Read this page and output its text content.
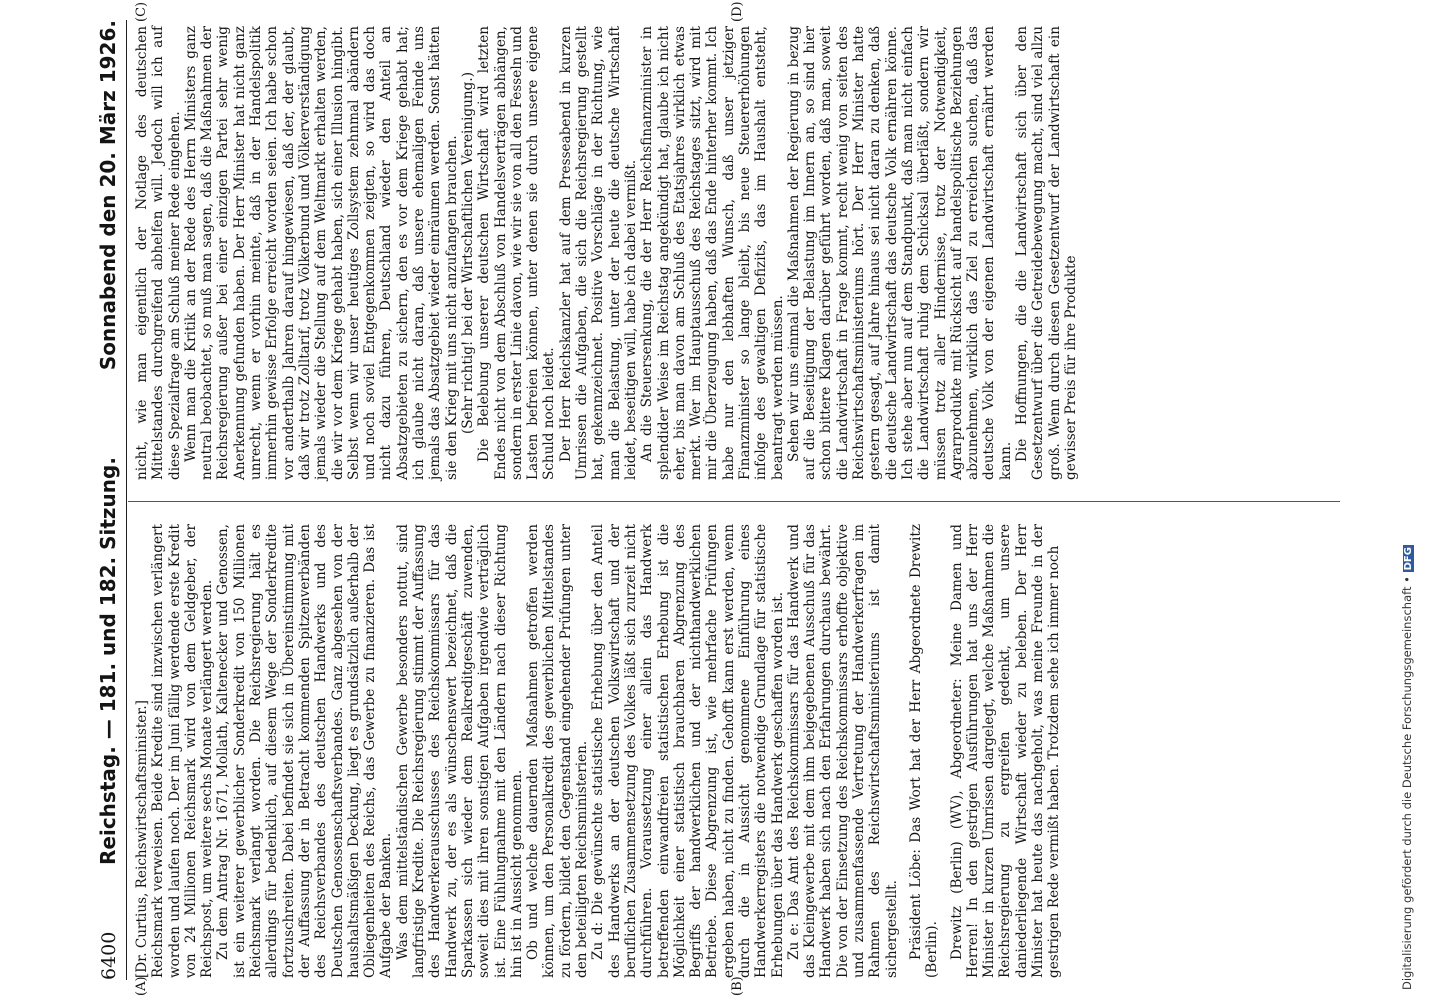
6400
Reichstag. — 181. und 182. Sitzung.
Sonnabend den 20. März 1926.
(A)	(B)
(C)	(D)

[Dr. Curtius, Reichswirtschaftsminister.] Reichsmark verweisen. Beide Kredite sind inzwischen verlängert worden und laufen noch. Der im Juni fällig werdende erste Kredit von 24 Millionen Reichsmark wird von dem Geldgeber, der Reichspost, um weitere sechs Monate verlängert werden. Zu dem Antrag Nr. 1671, Mollath, Kaltenecker und Genossen, ist ein weiterer gewerblicher Sonderkredit von 150 Millionen Reichsmark verlangt worden. Die Reichsregierung hält es allerdings für bedenklich, auf diesem Wege der Sonderkredite fortzuschreiten. Dabei befindet sie sich in Übereinstimmung mit der Auffassung der in Betracht kommenden Spitzenverbänden des Reichsverbandes des deutschen Handwerks und des Deutschen Genossenschaftsverbandes. Ganz abgesehen von der haushaltsmäßigen Deckung, liegt es grundsätzlich außerhalb der Obliegenheiten des Reichs, das Gewerbe zu finanzieren. Das ist Aufgabe der Banken. Was dem mittelständischen Gewerbe besonders nottut, sind langfristige Kredite. Die Reichsregierung stimmt der Auffassung des Handwerkerausschusses des Reichskommissars für das Handwerk zu, der es als wünschenswert bezeichnet, daß die Sparkassen sich wieder dem Realkreditgeschäft zuwenden, soweit dies mit ihren sonstigen Aufgaben irgendwie verträglich ist. Eine Fühlungnahme mit den Ländern nach dieser Richtung hin ist in Aussicht genommen. Ob und welche dauernden Maßnahmen getroffen werden können, um den Personalkredit des gewerblichen Mittelstandes zu fördern, bildet den Gegenstand eingehender Prüfungen unter den beteiligten Reichsministerien. Zu d: Die gewünschte statistische Erhebung über den Anteil des Handwerks an der deutschen Volkswirtschaft und der beruflichen Zusammensetzung des Volkes läßt sich zurzeit nicht durchführen. Voraussetzung einer allein das Handwerk betreffenden einwandfreien statistischen Erhebung ist die Möglichkeit einer statistisch brauchbaren Abgrenzung des Begriffs der handwerklichen und der nichthandwerklichen Betriebe. Diese Abgrenzung ist, wie mehrfache Prüfungen ergeben haben, nicht zu finden. Gehofft kann erst werden, wenn durch die in Aussicht genommene Einführung eines Handwerkerregisters die notwendige Grundlage für statistische Erhebungen über das Handwerk geschaffen worden ist. Zu e: Das Amt des Reichskommissars für das Handwerk und das Kleingewerbe mit dem ihm beigegebenen Ausschuß für das Handwerk haben sich nach den Erfahrungen durchaus bewährt. Die von der Einsetzung des Reichskommissars erhoffte objektive und zusammenfassende Vertretung der Handwerkerfragen im Rahmen des Reichswirtschaftsministeriums ist damit sichergestellt. Präsident Löbe: Das Wort hat der Herr Abgeordnete Drewitz (Berlin). Drewitz (Berlin) (WV), Abgeordneter: Meine Damen und Herren! In den gestrigen Ausführungen hat uns der Herr Minister in kurzen Umrissen dargelegt, welche Maßnahmen die Reichsregierung zu ergreifen gedenkt, um unsere daniederliegende Wirtschaft wieder zu beleben. Der Herr Minister hat heute das nachgeholt, was meine Freunde in der gestrigen Rede vermißt haben. Trotzdem sehe ich immer noch

nicht, wie man eigentlich der Notlage des deutschen Mittelstandes durchgreifend abhelfen will. Jedoch will ich auf diese Spezialfrage am Schluß meiner Rede eingehen. Wenn man die Kritik an der Rede des Herrn Ministers ganz neutral beobachtet, so muß man sagen, daß die Maßnahmen der Reichsregierung außer bei einer einzigen Partei sehr wenig Anerkennung gefunden haben. Der Herr Minister hat nicht ganz unrecht, wenn er vorhin meinte, daß in der Handelspolitik immerhin gewisse Erfolge erreicht worden seien. Ich habe schon vor anderthalb Jahren darauf hingewiesen, daß der, der glaubt, daß wir trotz Zolltarif, trotz Völkerbund und Völkerverständigung jemals wieder die Stellung auf dem Weltmarkt erhalten werden, die wir vor dem Kriege gehabt haben, sich einer Illusion hingibt. Selbst wenn wir unser heutiges Zollsystem zehnmal abändern und noch soviel Entgegenkommen zeigten, so wird das doch nicht dazu führen, Deutschland wieder den Anteil an Absatzgebieten zu sichern, den es vor dem Kriege gehabt hat; ich glaube nicht daran, daß unsere ehemaligen Feinde uns jemals das Absatzgebiet wieder einräumen werden. Sonst hätten sie den Krieg mit uns nicht anzufangen brauchen. (Sehr richtig! bei der Wirtschaftlichen Vereinigung.) Die Belebung unserer deutschen Wirtschaft wird letzten Endes nicht von dem Abschluß von Handelsverträgen abhängen, sondern in erster Linie davon, wie wir sie von all den Fesseln und Lasten befreien können, unter denen sie durch unsere eigene Schuld noch leidet. Der Herr Reichskanzler hat auf dem Presseabend in kurzen Umrissen die Aufgaben, die sich die Reichsregierung gestellt hat, gekennzeichnet. Positive Vorschläge in der Richtung, wie man die Belastung, unter der heute die deutsche Wirtschaft leidet, beseitigen will, habe ich dabei vermißt. An die Steuersenkung, die der Herr Reichsfinanzminister in splendider Weise im Reichstag angekündigt hat, glaube ich nicht eher, bis man davon am Schluß des Etatsjahres wirklich etwas merkt. Wer im Hauptausschuß des Reichstages sitzt, wird mit mir die Überzeugung haben, daß das Ende hinterher kommt. Ich habe nur den lebhaften Wunsch, daß unser jetziger Finanzminister so lange bleibt, bis neue Steuererhöhungen infolge des gewaltigen Defizits, das im Haushalt entsteht, beantragt werden müssen. Sehen wir uns einmal die Maßnahmen der Regierung in bezug auf die Beseitigung der Belastung im Innern an, so sind hier schon bittere Klagen darüber geführt worden, daß man, soweit die Landwirtschaft in Frage kommt, recht wenig von seiten des Reichswirtschaftsministeriums hört. Der Herr Minister hatte gestern gesagt, auf Jahre hinaus sei nicht daran zu denken, daß die deutsche Landwirtschaft das deutsche Volk ernähren könne. Ich stehe aber nun auf dem Standpunkt, daß man nicht einfach die Landwirtschaft ruhig dem Schicksal überläßt, sondern wir müssen trotz aller Hindernisse, trotz der Notwendigkeit, Agrarprodukte mit Rücksicht auf handelspolitische Beziehungen abzunehmen, wirklich das Ziel zu erreichen suchen, daß das deutsche Volk von der eigenen Landwirtschaft ernährt werden kann. Die Hoffnungen, die die Landwirtschaft sich über den Gesetzentwurf über die Getreidebewegung macht, sind viel allzu groß. Wenn durch diesen Gesetzentwurf der Landwirtschaft ein gewisser Preis für ihre Produkte

Digitalisierung gefördert durch die Deutsche Forschungsgemeinschaft • DFG
